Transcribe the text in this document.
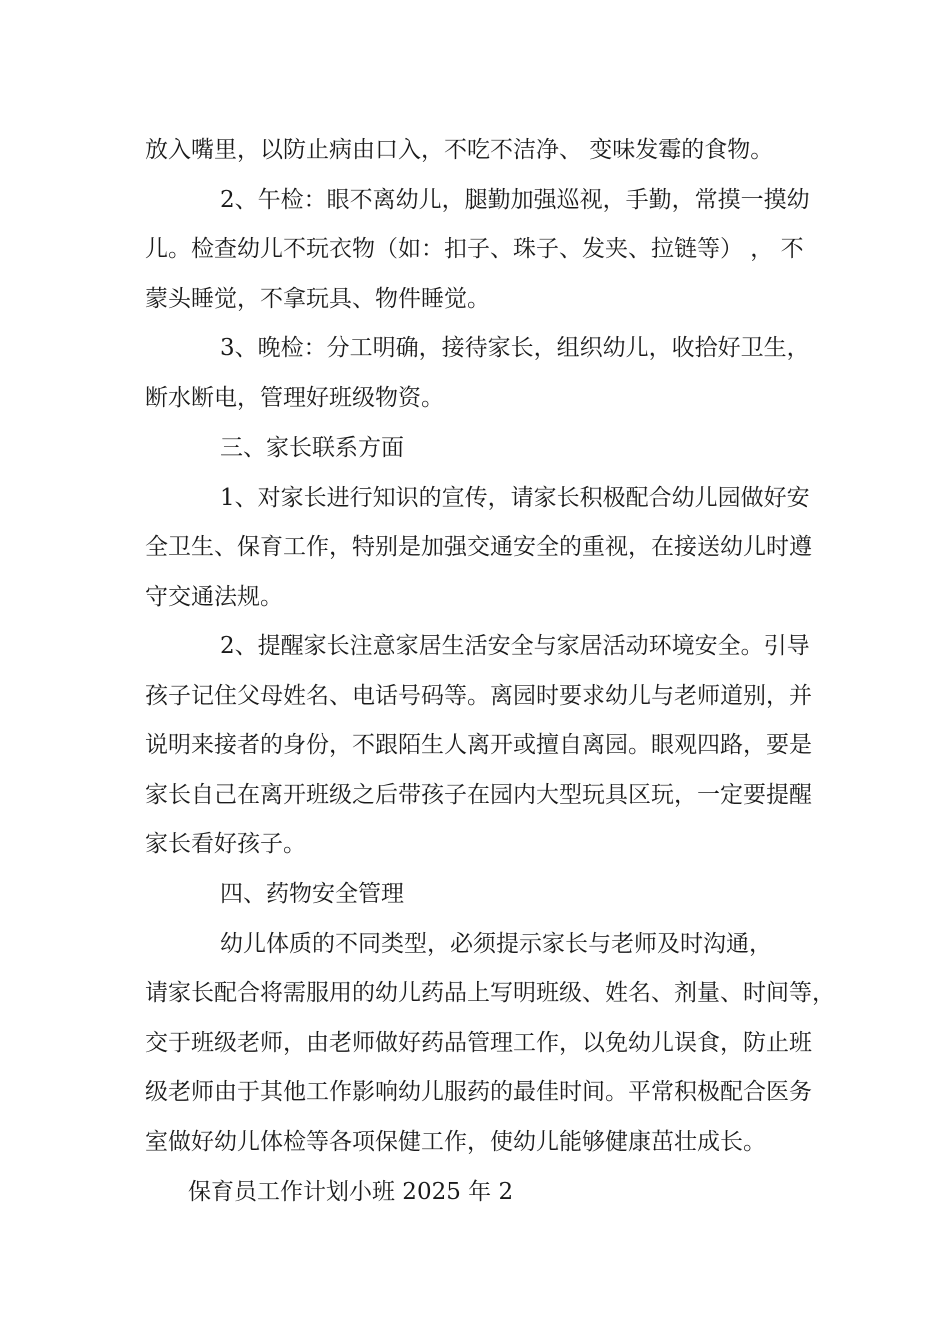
放入嘴里，以防止病由口入，不吃不洁净、 变味发霉的食物。
2、午检：眼不离幼儿，腿勤加强巡视，手勤，常摸一摸幼
儿。检查幼儿不玩衣物（如：扣子、珠子、发夹、拉链等） ， 不
蒙头睡觉，不拿玩具、物件睡觉。
3、晚检：分工明确，接待家长，组织幼儿，收拾好卫生，
断水断电，管理好班级物资。
三、家长联系方面
1、对家长进行知识的宣传，请家长积极配合幼儿园做好安
全卫生、保育工作，特别是加强交通安全的重视，在接送幼儿时遵
守交通法规。
2、提醒家长注意家居生活安全与家居活动环境安全。引导
孩子记住父母姓名、电话号码等。离园时要求幼儿与老师道别，并
说明来接者的身份，不跟陌生人离开或擅自离园。眼观四路，要是
家长自己在离开班级之后带孩子在园内大型玩具区玩，一定要提醒
家长看好孩子。
四、药物安全管理
幼儿体质的不同类型，必须提示家长与老师及时沟通，
请家长配合将需服用的幼儿药品上写明班级、姓名、剂量、时间等，
交于班级老师，由老师做好药品管理工作，以免幼儿误食，防止班
级老师由于其他工作影响幼儿服药的最佳时间。平常积极配合医务
室做好幼儿体检等各项保健工作，使幼儿能够健康茁壮成长。
保育员工作计划小班 2025 年 2
